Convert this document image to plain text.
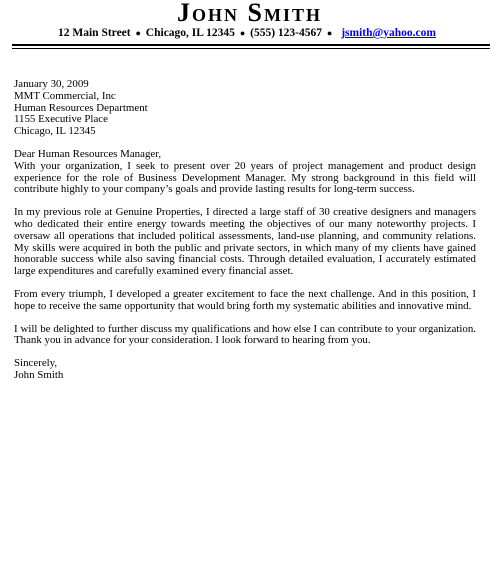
John Smith
12 Main Street ● Chicago, IL 12345 ● (555) 123-4567 ● jsmith@yahoo.com

January 30, 2009

MMT Commercial, Inc
Human Resources Department
1155 Executive Place
Chicago, IL 12345

Dear Human Resources Manager,

With your organization, I seek to present over 20 years of project management and product design experience for the role of Business Development Manager. My strong background in this field will contribute highly to your company’s goals and provide lasting results for long-term success.

In my previous role at Genuine Properties, I directed a large staff of 30 creative designers and managers who dedicated their entire energy towards meeting the objectives of our many noteworthy projects. I oversaw all operations that included political assessments, land-use planning, and community relations. My skills were acquired in both the public and private sectors, in which many of my clients have gained honorable success while also saving financial costs. Through detailed evaluation, I accurately estimated large expenditures and carefully examined every financial asset.

From every triumph, I developed a greater excitement to face the next challenge. And in this position, I hope to receive the same opportunity that would bring forth my systematic abilities and innovative mind.

I will be delighted to further discuss my qualifications and how else I can contribute to your organization. Thank you in advance for your consideration. I look forward to hearing from you.

Sincerely,

John Smith
